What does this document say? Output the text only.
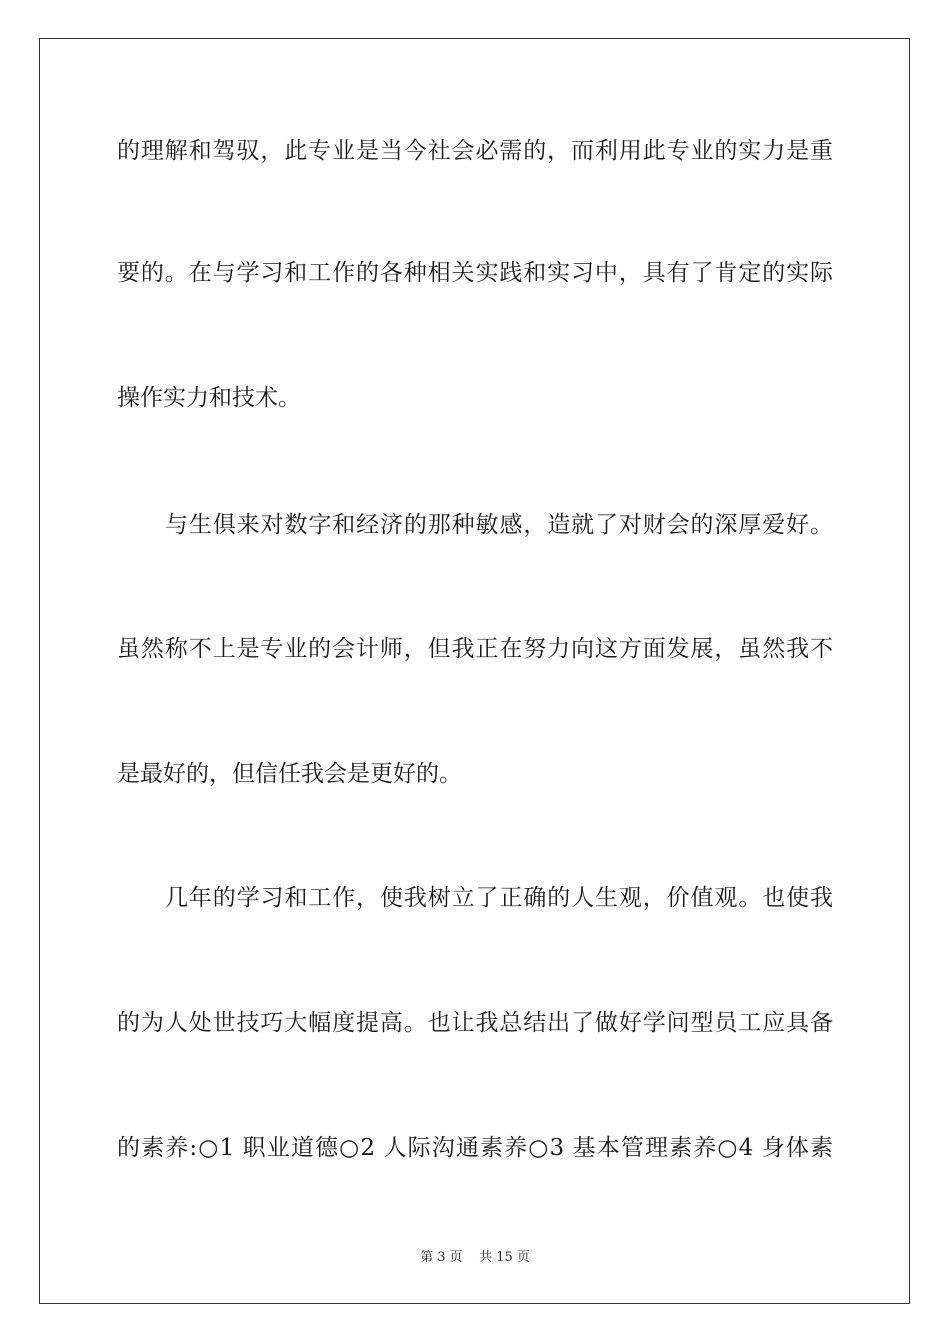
的理解和驾驭，此专业是当今社会必需的，而利用此专业的实力是重
要的。在与学习和工作的各种相关实践和实习中，具有了肯定的实际
操作实力和技术。
与生俱来对数字和经济的那种敏感，造就了对财会的深厚爱好。
虽然称不上是专业的会计师，但我正在努力向这方面发展，虽然我不
是最好的，但信任我会是更好的。
几年的学习和工作，使我树立了正确的人生观，价值观。也使我
的为人处世技巧大幅度提高。也让我总结出了做好学问型员工应具备
的素养:○1 职业道德○2 人际沟通素养○3 基本管理素养○4 身体素
第 3 页    共 15 页
